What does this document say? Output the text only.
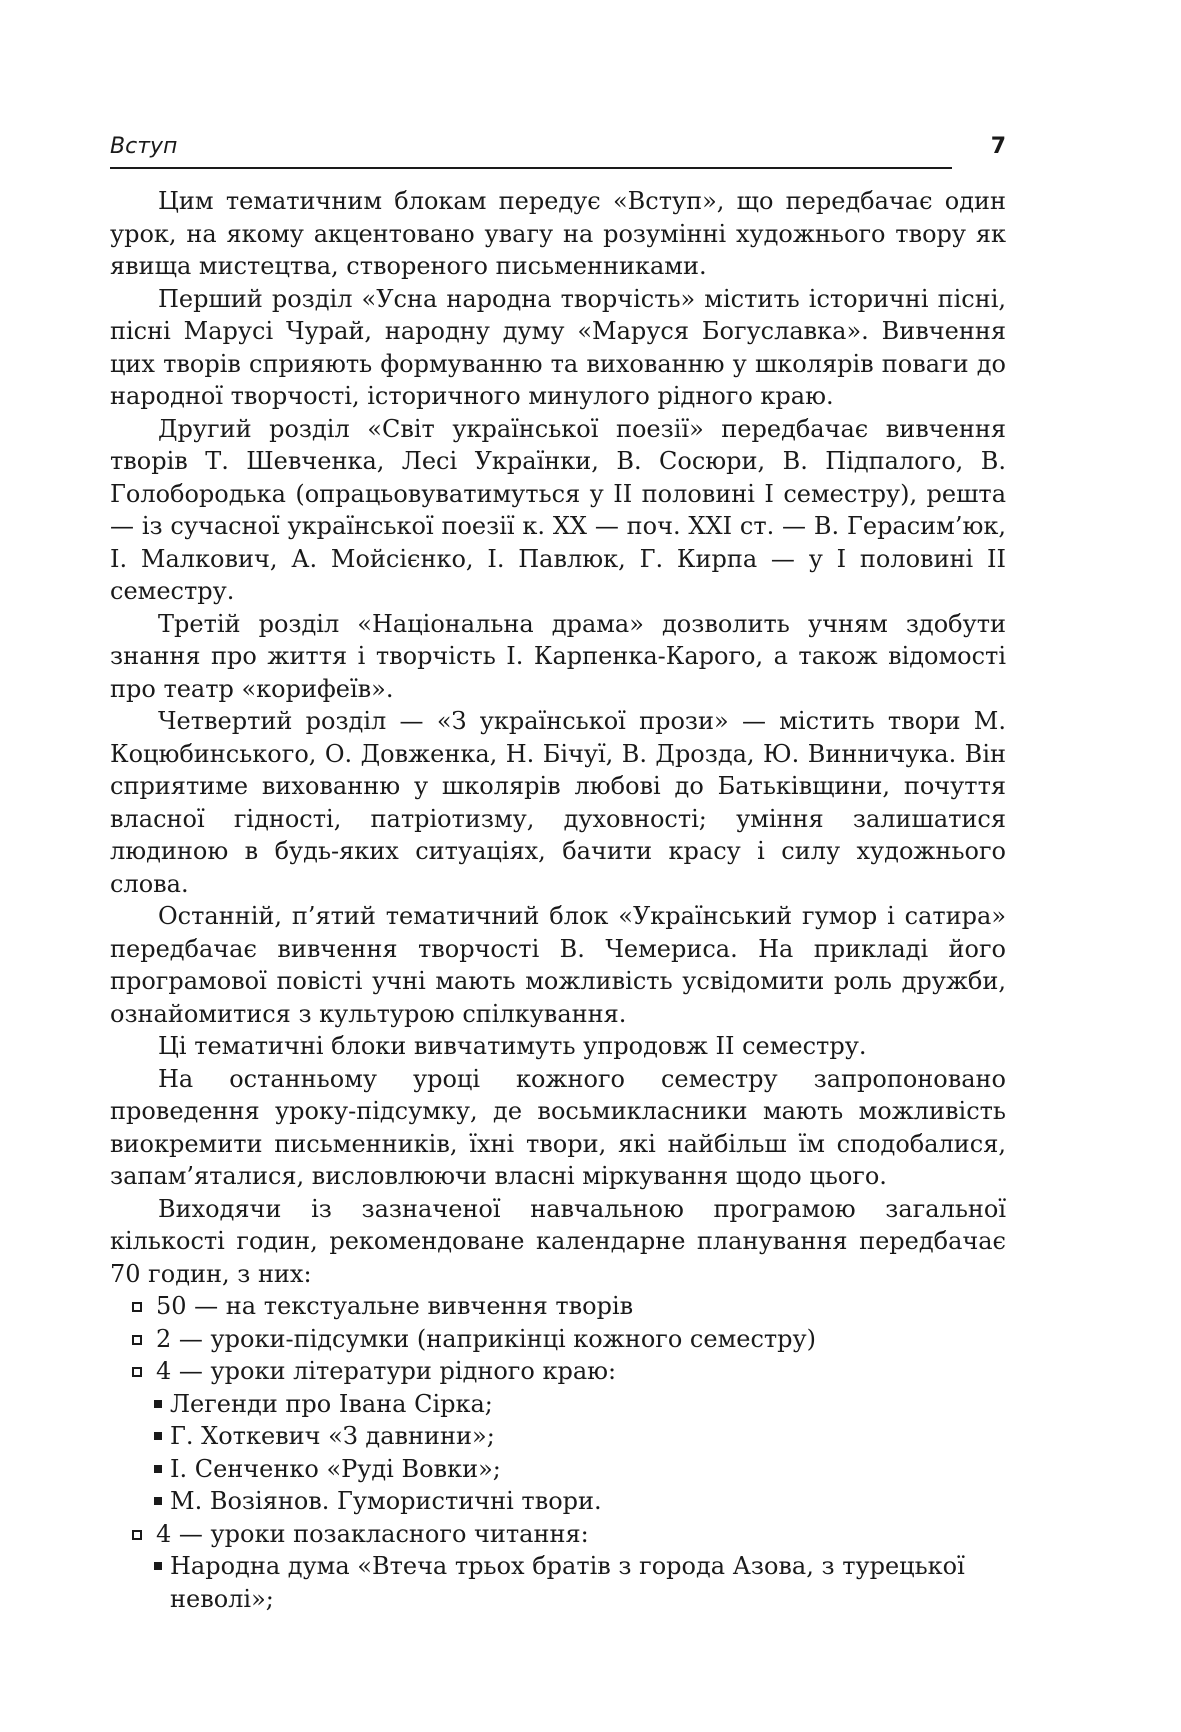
Вступ	7

Цим тематичним блокам передує «Вступ», що передбачає один урок, на якому акцентовано увагу на розумінні художнього твору як явища мистецтва, створеного письменниками.

Перший розділ «Усна народна творчість» містить історичні пісні, пісні Марусі Чурай, народну думу «Маруся Богуславка». Вивчення цих творів сприяють формуванню та вихованню у школярів поваги до народної творчості, історичного минулого рідного краю.

Другий розділ «Світ української поезії» передбачає вивчення творів Т. Шевченка, Лесі Українки, В. Сосюри, В. Підпалого, В. Голобородька (опрацьовуватимуться у ІІ половині І семестру), решта — із сучасної української поезії к. ХХ — поч. ХХІ ст. — В. Герасим’юк, І. Малкович, А. Мойсієнко, І. Павлюк, Г. Кирпа — у І половині ІІ семестру.

Третій розділ «Національна драма» дозволить учням здобути знання про життя і творчість І. Карпенка-Карого, а також відомості про театр «корифеїв».

Четвертий розділ — «З української прози» — містить твори М. Коцюбинського, О. Довженка, Н. Бічуї, В. Дрозда, Ю. Винничука. Він сприятиме вихованню у школярів любові до Батьківщини, почуття власної гідності, патріотизму, духовності; уміння залишатися людиною в будь-яких ситуаціях, бачити красу і силу художнього слова.

Останній, п’ятий тематичний блок «Український гумор і сатира» передбачає вивчення творчості В. Чемериса. На прикладі його програмової повісті учні мають можливість усвідомити роль дружби, ознайомитися з культурою спілкування.

Ці тематичні блоки вивчатимуть упродовж ІІ семестру.

На останньому уроці кожного семестру запропоновано проведення уроку-підсумку, де восьмикласники мають можливість виокремити письменників, їхні твори, які найбільш їм сподобалися, запам’яталися, висловлюючи власні міркування щодо цього.

Виходячи із зазначеної навчальною програмою загальної кількості годин, рекомендоване календарне планування передбачає 70 годин, з них:

50 — на текстуальне вивчення творів
2 — уроки-підсумки (наприкінці кожного семестру)
4 — уроки літератури рідного краю:
Легенди про Івана Сірка;
Г. Хоткевич «З давнини»;
І. Сенченко «Руді Вовки»;
М. Возіянов. Гумористичні твори.
4 — уроки позакласного читання:
Народна дума «Втеча трьох братів з города Азова, з турецької неволі»;
